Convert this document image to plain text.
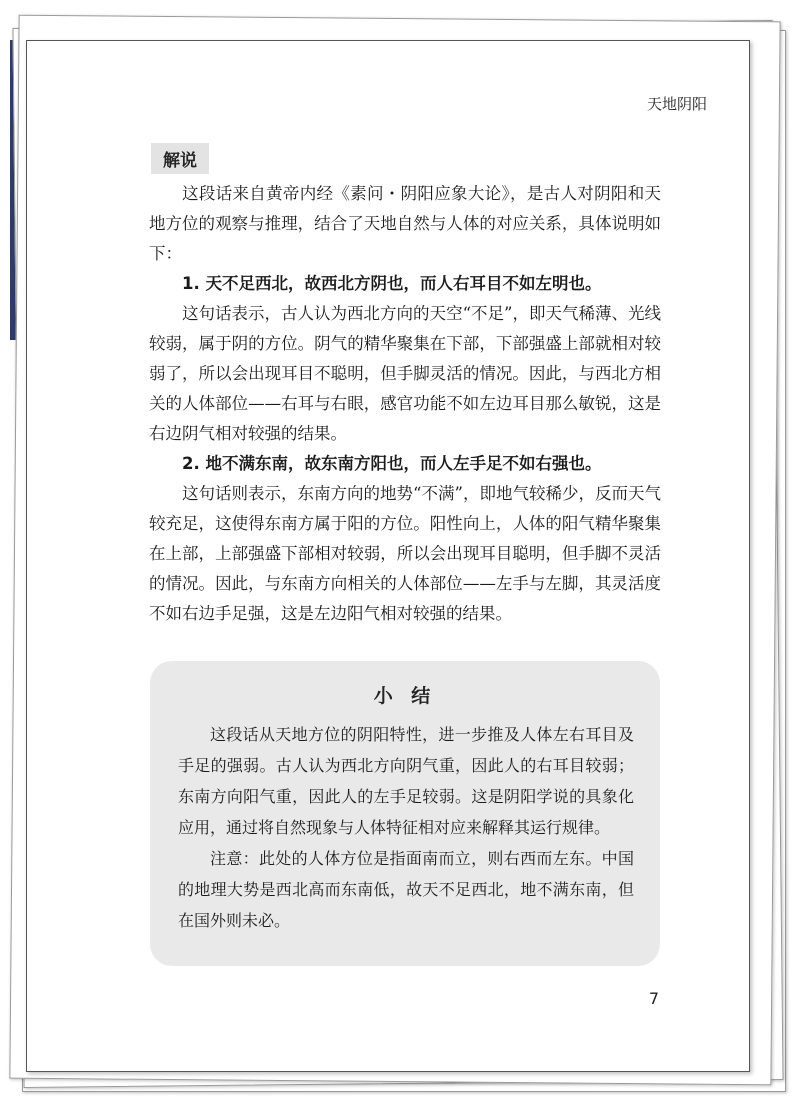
天地阴阳
解说

这段话来自黄帝内经《素问・阴阳应象大论》，是古人对阴阳和天地方位的观察与推理，结合了天地自然与人体的对应关系，具体说明如下：

1. 天不足西北，故西北方阴也，而人右耳目不如左明也。

这句话表示，古人认为西北方向的天空“不足”，即天气稀薄、光线较弱，属于阴的方位。阴气的精华聚集在下部，下部强盛上部就相对较弱了，所以会出现耳目不聪明，但手脚灵活的情况。因此，与西北方相关的人体部位——右耳与右眼，感官功能不如左边耳目那么敏锐，这是右边阴气相对较强的结果。

2. 地不满东南，故东南方阳也，而人左手足不如右强也。

这句话则表示，东南方向的地势“不满”，即地气较稀少，反而天气较充足，这使得东南方属于阳的方位。阳性向上，人体的阳气精华聚集在上部，上部强盛下部相对较弱，所以会出现耳目聪明，但手脚不灵活的情况。因此，与东南方向相关的人体部位——左手与左脚，其灵活度不如右边手足强，这是左边阳气相对较强的结果。

小 结

这段话从天地方位的阴阳特性，进一步推及人体左右耳目及手足的强弱。古人认为西北方向阴气重，因此人的右耳目较弱；东南方向阳气重，因此人的左手足较弱。这是阴阳学说的具象化应用，通过将自然现象与人体特征相对应来解释其运行规律。

注意：此处的人体方位是指面南而立，则右西而左东。中国的地理大势是西北高而东南低，故天不足西北，地不满东南，但在国外则未必。

7
